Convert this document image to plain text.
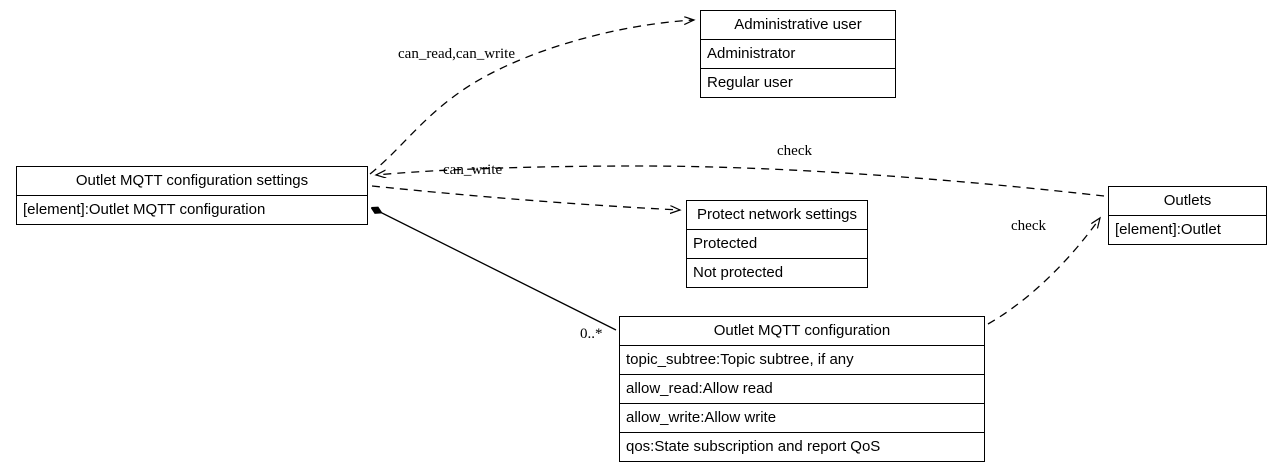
Administrative user
Administrator
Regular user
Outlet MQTT configuration settings
[element]:Outlet MQTT configuration	Protect network settings
Protected
Not protected
Outlets
[element]:Outlet
Outlet MQTT configuration
topic_subtree:Topic subtree, if any
allow_read:Allow read
allow_write:Allow write
qos:State subscription and report QoS
can_read,can_write
check
can_write
check
0..*
